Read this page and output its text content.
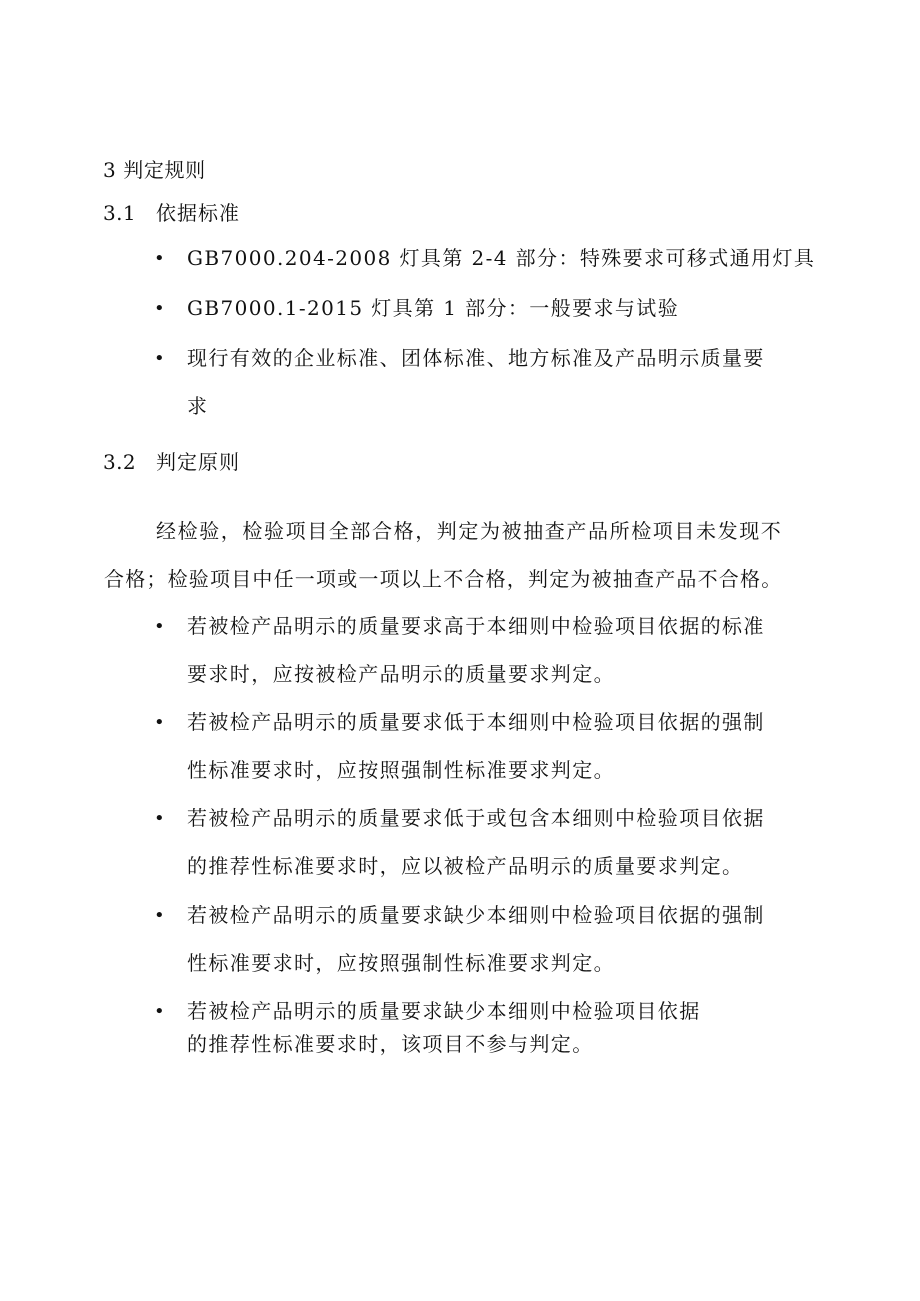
3 判定规则
3.1 依据标准
• GB7000.204-2008 灯具第 2-4 部分：特殊要求可移式通用灯具
• GB7000.1-2015 灯具第 1 部分：一般要求与试验
• 现行有效的企业标准、团体标准、地方标准及产品明示质量要
求
3.2 判定原则
经检验，检验项目全部合格，判定为被抽查产品所检项目未发现不
合格；检验项目中任一项或一项以上不合格，判定为被抽查产品不合格。
• 若被检产品明示的质量要求高于本细则中检验项目依据的标准
要求时，应按被检产品明示的质量要求判定。
• 若被检产品明示的质量要求低于本细则中检验项目依据的强制
性标准要求时，应按照强制性标准要求判定。
• 若被检产品明示的质量要求低于或包含本细则中检验项目依据
的推荐性标准要求时，应以被检产品明示的质量要求判定。
• 若被检产品明示的质量要求缺少本细则中检验项目依据的强制
性标准要求时，应按照强制性标准要求判定。
• 若被检产品明示的质量要求缺少本细则中检验项目依据
的推荐性标准要求时，该项目不参与判定。
